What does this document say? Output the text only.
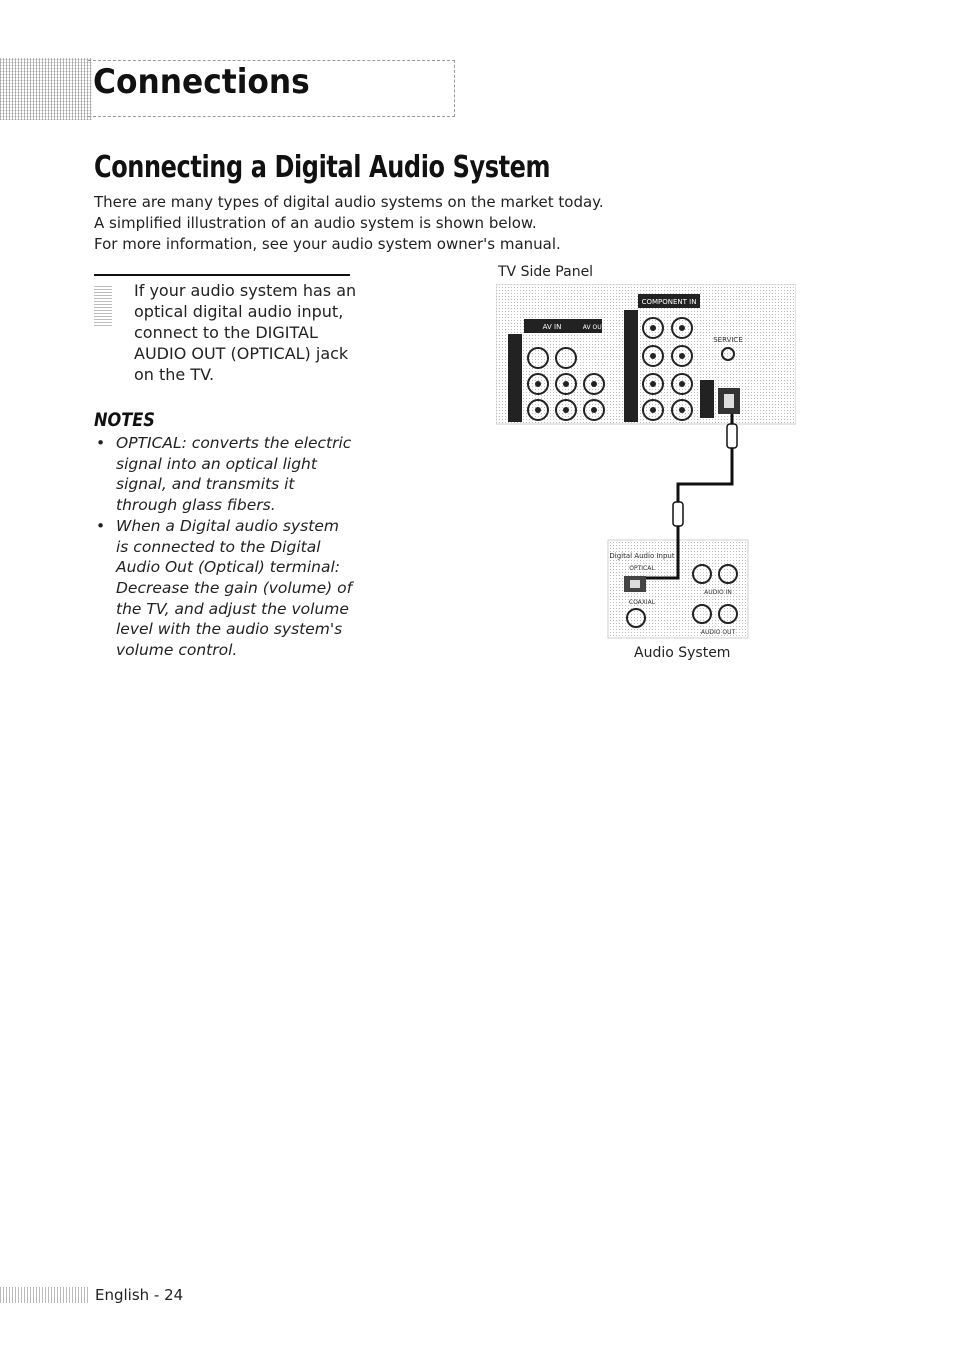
Connections
Connecting a Digital Audio System
There are many types of digital audio systems on the market today.
A simplified illustration of an audio system is shown below.
For more information, see your audio system owner's manual.
If your audio system has an optical digital audio input, connect to the DIGITAL AUDIO OUT (OPTICAL) jack on the TV.
NOTES
• OPTICAL: converts the electric signal into an optical light signal, and transmits it through glass fibers.
• When a Digital audio system is connected to the Digital Audio Out (Optical) terminal: Decrease the gain (volume) of the TV, and adjust the volume level with the audio system's volume control.
TV Side Panel
COMPONENT IN
AV IN	AV OUT
SERVICE
Digital Audio Input
OPTICAL
COAXIAL
AUDIO IN
AUDIO OUT
Audio System
English - 24
